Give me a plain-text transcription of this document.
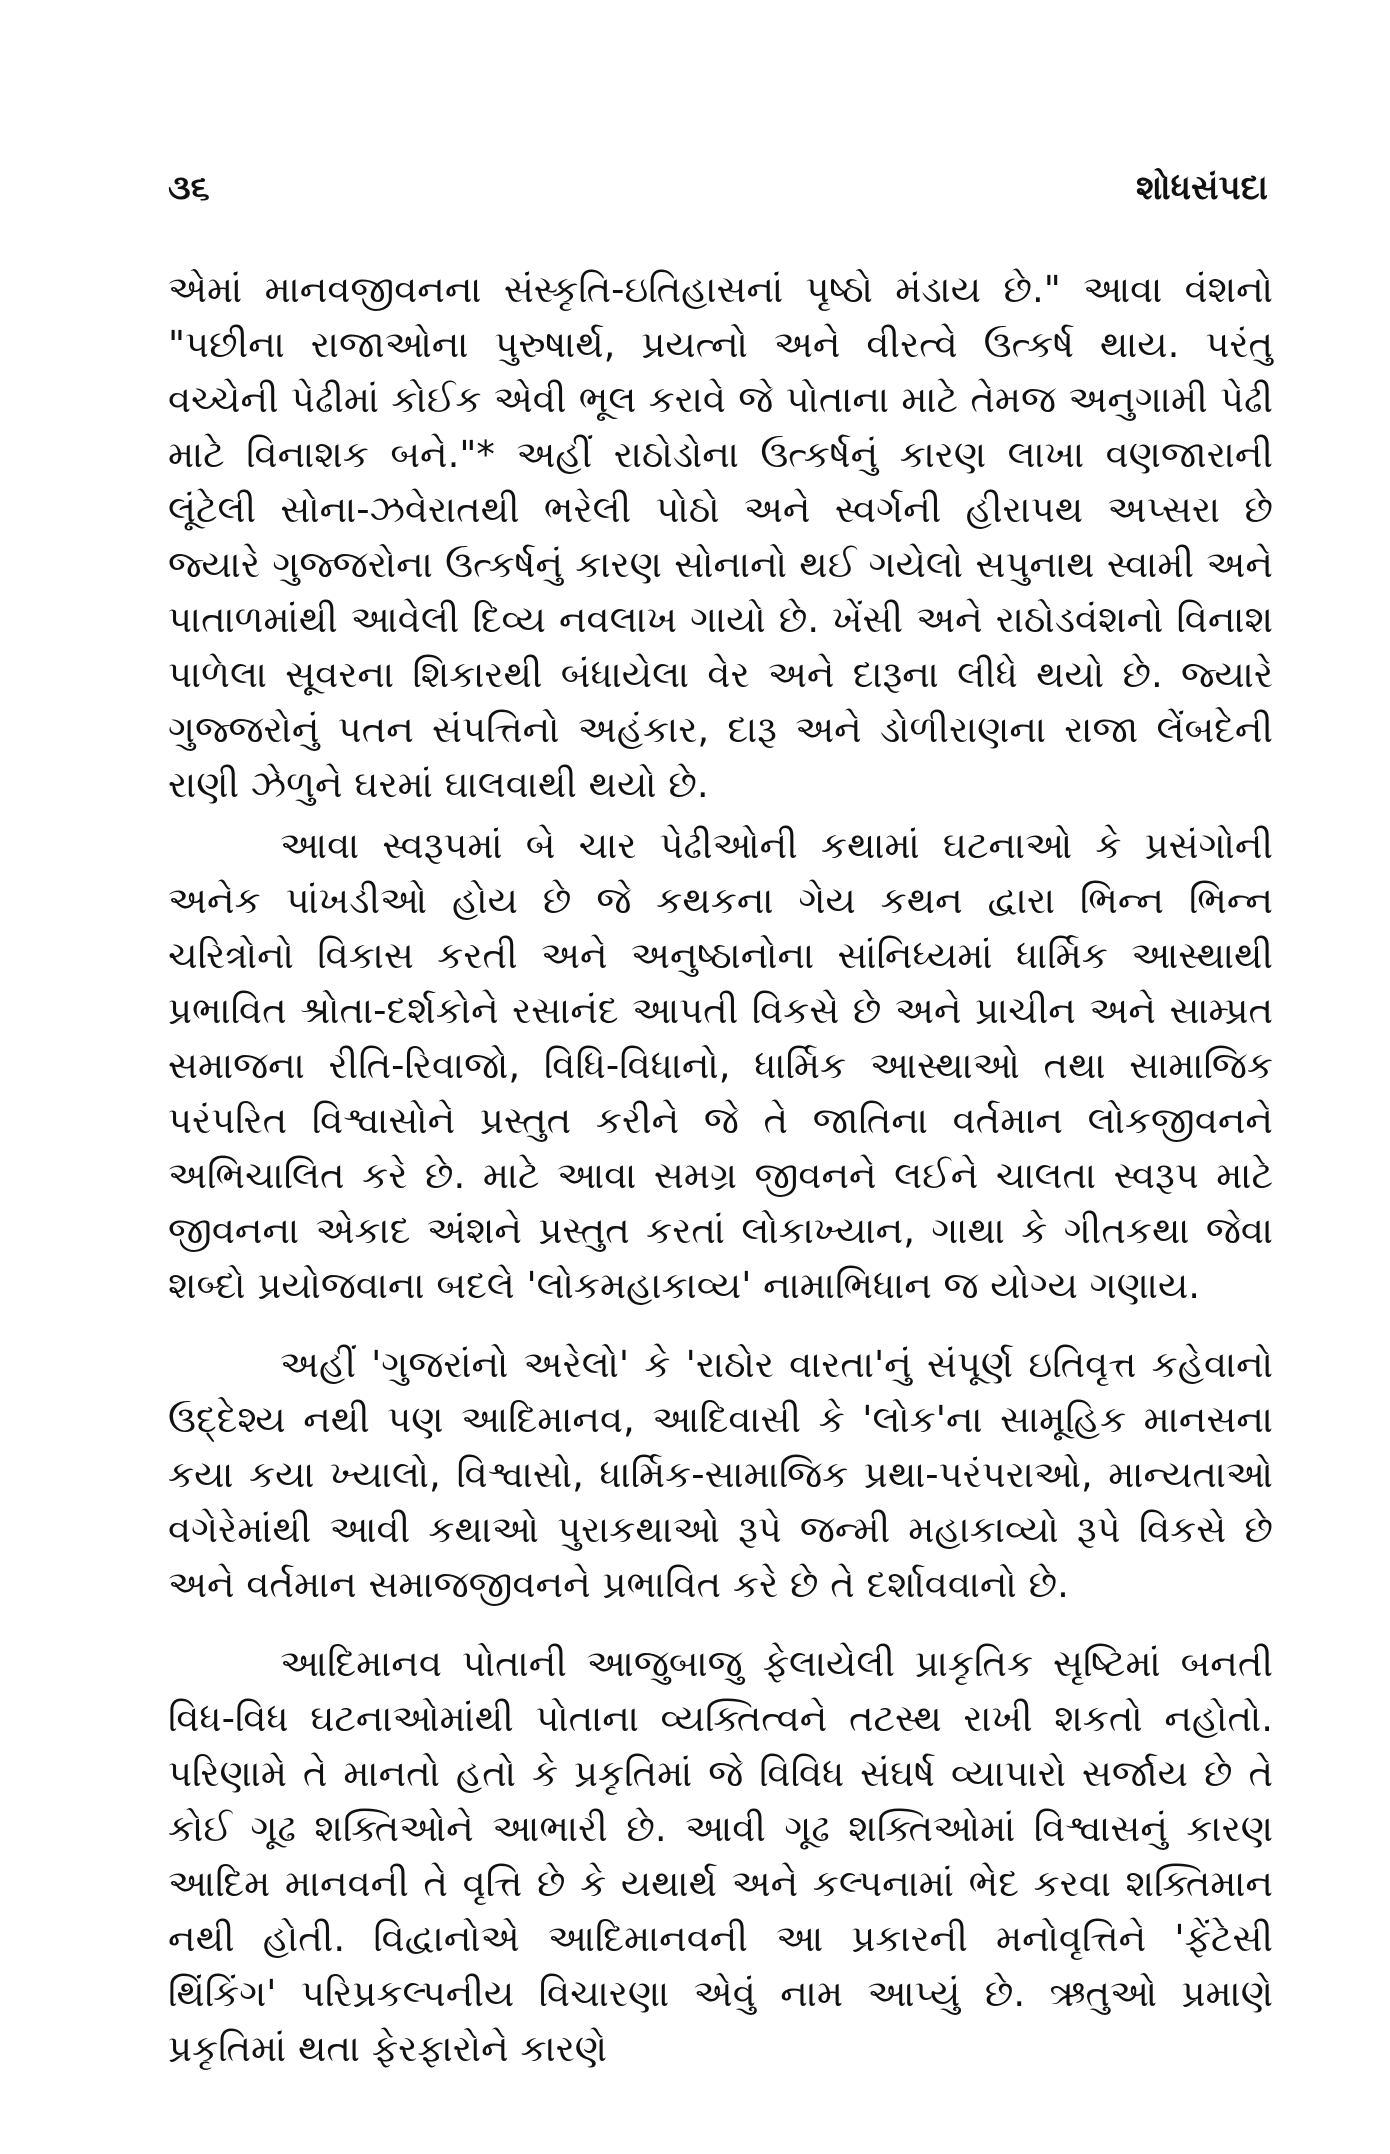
૩૬	શોધસંપદા

એમાં માનવજીવનના સંસ્કૃતિ-ઇતિહાસનાં પૃષ્ઠો મંડાય છે." આવા વંશનો "પછીના રાજાઓના પુરુષાર્થ, પ્રયત્નો અને વીરત્વે ઉત્કર્ષ થાય. પરંતુ વચ્ચેની પેઢીમાં કોઈક એવી ભૂલ કરાવે જે પોતાના માટે તેમજ અનુગામી પેઢી માટે વિનાશક બને."* અહીં રાઠોડોના ઉત્કર્ષનું કારણ લાખા વણજારાની લૂંટેલી સોના-ઝવેરાતથી ભરેલી પોઠો અને સ્વર્ગની હીરાપથ અપ્સરા છે જ્યારે ગુજ્જરોના ઉત્કર્ષનું કારણ સોનાનો થઈ ગયેલો સપુનાથ સ્વામી અને પાતાળમાંથી આવેલી દિવ્ય નવલાખ ગાયો છે. ખેંસી અને રાઠોડવંશનો વિનાશ પાળેલા સૂવરના શિકારથી બંધાયેલા વેર અને દારૂના લીધે થયો છે. જ્યારે ગુજ્જરોનું પતન સંપત્તિનો અહંકાર, દારૂ અને ડોળીરાણના રાજા લેંબદેની રાણી ઝેળુને ઘરમાં ઘાલવાથી થયો છે.

આવા સ્વરૂપમાં બે ચાર પેઢીઓની કથામાં ઘટનાઓ કે પ્રસંગોની અનેક પાંખડીઓ હોય છે જે કથકના ગેય કથન દ્વારા ભિન્ન ભિન્ન ચરિત્રોનો વિકાસ કરતી અને અનુષ્ઠાનોના સાંનિધ્યમાં ધાર્મિક આસ્થાથી પ્રભાવિત શ્રોતા-દર્શકોને રસાનંદ આપતી વિકસે છે અને પ્રાચીન અને સામ્પ્રત સમાજના રીતિ-રિવાજો, વિધિ-વિધાનો, ધાર્મિક આસ્થાઓ તથા સામાજિક પરંપરિત વિશ્વાસોને પ્રસ્તુત કરીને જે તે જાતિના વર્તમાન લોકજીવનને અભિચાલિત કરે છે. માટે આવા સમગ્ર જીવનને લઈને ચાલતા સ્વરૂપ માટે જીવનના એકાદ અંશને પ્રસ્તુત કરતાં લોકાખ્યાન, ગાથા કે ગીતકથા જેવા શબ્દો પ્રયોજવાના બદલે 'લોકમહાકાવ્ય' નામાભિધાન જ યોગ્ય ગણાય.

અહીં 'ગુજરાંનો અરેલો' કે 'રાઠોર વારતા'નું સંપૂર્ણ ઇતિવૃત્ત કહેવાનો ઉદ્દેશ્ય નથી પણ આદિમાનવ, આદિવાસી કે 'લોક'ના સામૂહિક માનસના કયા કયા ખ્યાલો, વિશ્વાસો, ધાર્મિક-સામાજિક પ્રથા-પરંપરાઓ, માન્યતાઓ વગેરેમાંથી આવી કથાઓ પુરાકથાઓ રૂપે જન્મી મહાકાવ્યો રૂપે વિકસે છે અને વર્તમાન સમાજજીવનને પ્રભાવિત કરે છે તે દર્શાવવાનો છે.

આદિમાનવ પોતાની આજુબાજુ ફેલાયેલી પ્રાકૃતિક સૃષ્ટિમાં બનતી વિધ-વિધ ઘટનાઓમાંથી પોતાના વ્યક્તિત્વને તટસ્થ રાખી શકતો નહોતો. પરિણામે તે માનતો હતો કે પ્રકૃતિમાં જે વિવિધ સંઘર્ષ વ્યાપારો સર્જાય છે તે કોઈ ગૂઢ શક્તિઓને આભારી છે. આવી ગૂઢ શક્તિઓમાં વિશ્વાસનું કારણ આદિમ માનવની તે વૃત્તિ છે કે યથાર્થ અને કલ્પનામાં ભેદ કરવા શક્તિમાન નથી હોતી. વિદ્વાનોએ આદિમાનવની આ પ્રકારની મનોવૃત્તિને 'ફેંટેસી થિંકિંગ' પરિપ્રકલ્પનીય વિચારણા એવું નામ આપ્યું છે. ઋતુઓ પ્રમાણે પ્રકૃતિમાં થતા ફેરફારોને કારણે
